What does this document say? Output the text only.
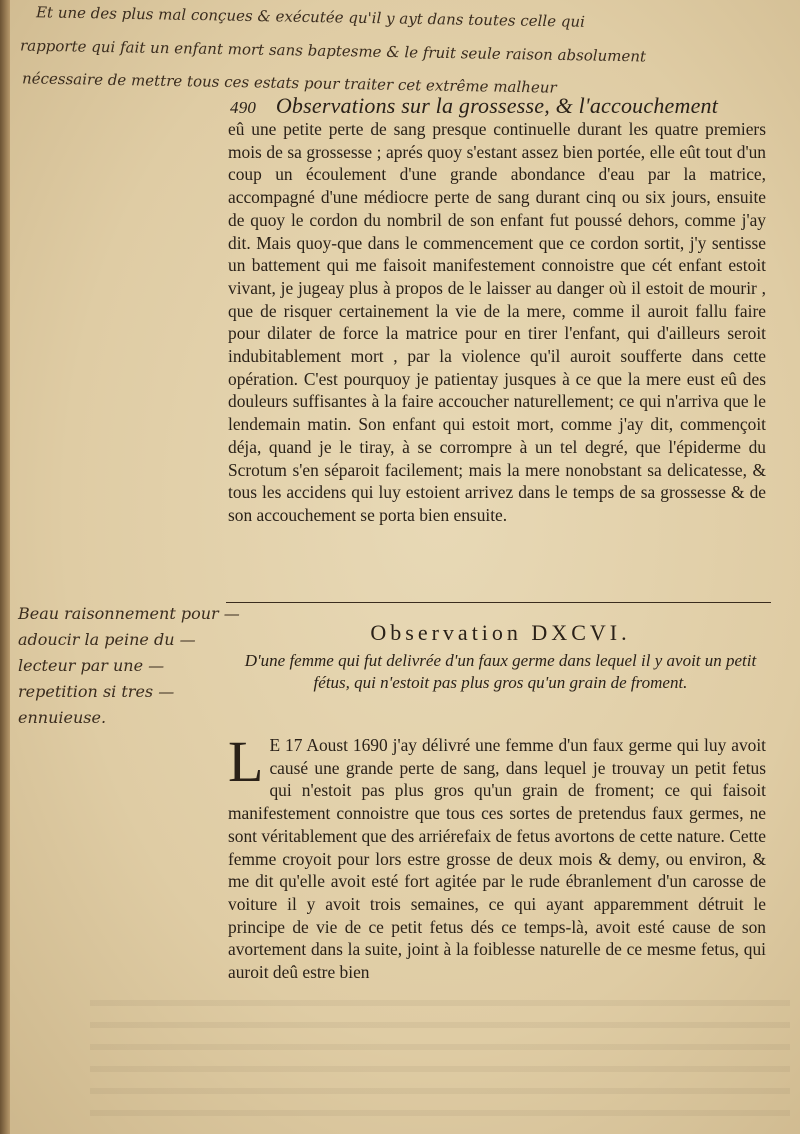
Et une des plus mal conçues & exécutée qu'il y ayt dans toutes celle qui
rapporte qui fait un enfant mort sans baptesme & le fruit seule raison absolument
nécessaire de mettre tous ces estats pour traiter cet extrême malheur
490 Observations sur la grossesse, & l'accouchement

eû une petite perte de sang presque continuelle durant les quatre premiers mois de sa grossesse ; aprés quoy s'estant assez bien portée, elle eût tout d'un coup un écoulement d'une grande abondance d'eau par la matrice, accompagné d'une médiocre perte de sang durant cinq ou six jours, ensuite de quoy le cordon du nombril de son enfant fut poussé dehors, comme j'ay dit. Mais quoy-que dans le commencement que ce cordon sortit, j'y sentisse un battement qui me faisoit manifestement connoistre que cét enfant estoit vivant, je jugeay plus à propos de le laisser au danger où il estoit de mourir , que de risquer certainement la vie de la mere, comme il auroit fallu faire pour dilater de force la matrice pour en tirer l'enfant, qui d'ailleurs seroit indubitablement mort , par la violence qu'il auroit soufferte dans cette opération. C'est pourquoy je patientay jusques à ce que la mere eust eû des douleurs suffisantes à la faire accoucher naturellement; ce qui n'arriva que le lendemain matin. Son enfant qui estoit mort, comme j'ay dit, commençoit déja, quand je le tiray, à se corrompre à un tel degré, que l'épiderme du Scrotum s'en séparoit facilement; mais la mere nonobstant sa delicatesse, & tous les accidens qui luy estoient arrivez dans le temps de sa grossesse & de son accouchement se porta bien ensuite.

Beau raisonnement pour —
adoucir la peine du —
lecteur par une —
repetition si tres —
ennuieuse.
Observation DXCVI.
D'une femme qui fut delivrée d'un faux germe dans lequel il y avoit un petit fétus, qui n'estoit pas plus gros qu'un grain de froment.
L E 17 Aoust 1690 j'ay délivré une femme d'un faux germe qui luy avoit causé une grande perte de sang, dans lequel je trouvay un petit fetus qui n'estoit pas plus gros qu'un grain de froment; ce qui faisoit manifestement connoistre que tous ces sortes de pretendus faux germes, ne sont véritablement que des arriérefaix de fetus avortons de cette nature. Cette femme croyoit pour lors estre grosse de deux mois & demy, ou environ, & me dit qu'elle avoit esté fort agitée par le rude ébranlement d'un carosse de voiture il y avoit trois semaines, ce qui ayant apparemment détruit le principe de vie de ce petit fetus dés ce temps-là, avoit esté cause de son avortement dans la suite, joint à la foiblesse naturelle de ce mesme fetus, qui auroit deû estre bien
